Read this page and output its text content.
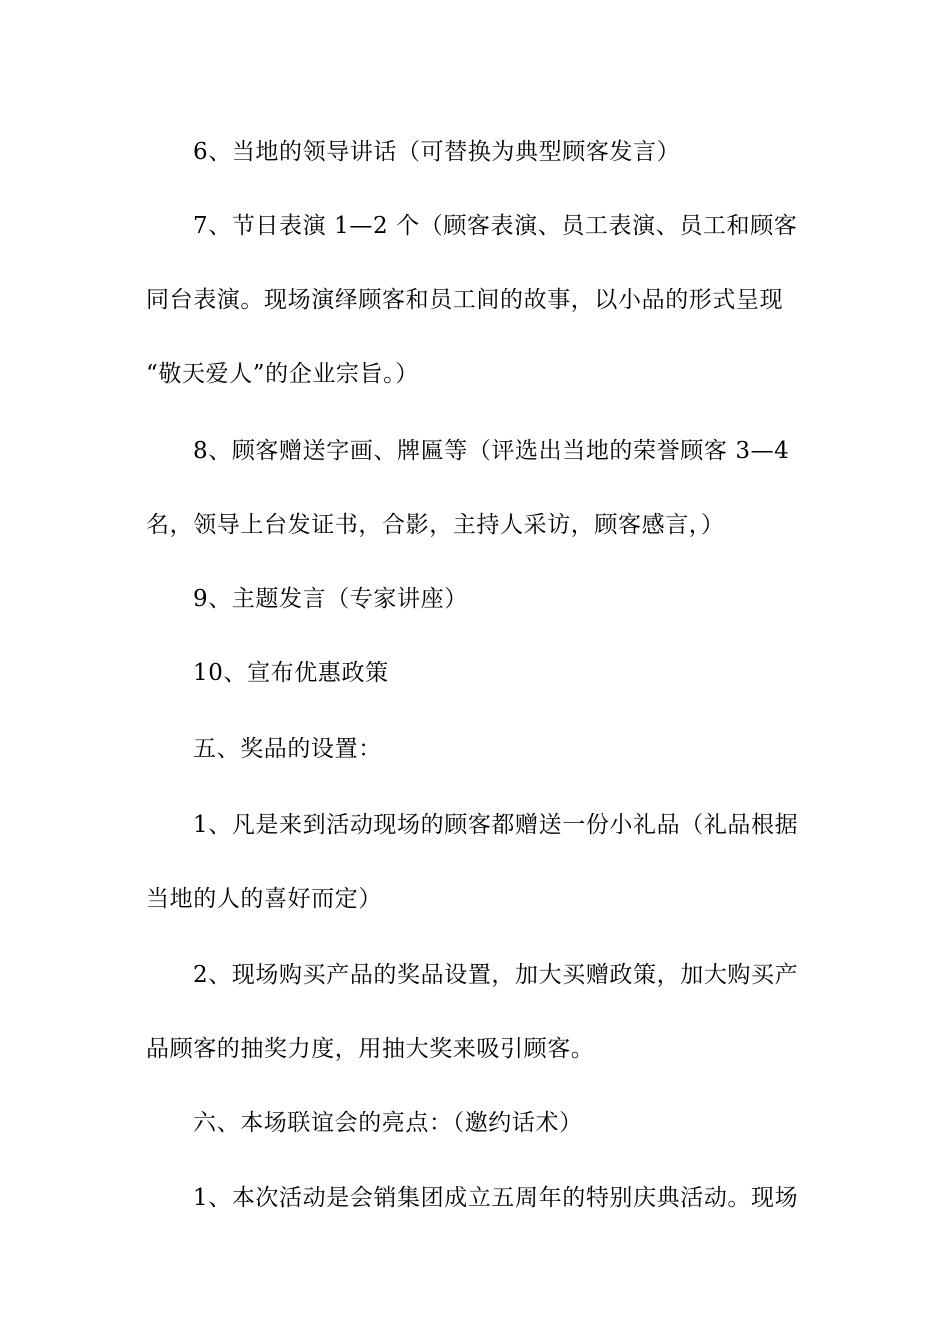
6、当地的领导讲话（可替换为典型顾客发言）
7、节日表演 1—2 个（顾客表演、员工表演、员工和顾客
同台表演。现场演绎顾客和员工间的故事，以小品的形式呈现
“敬天爱人”的企业宗旨。）
8、顾客赠送字画、牌匾等（评选出当地的荣誉顾客 3—4
名，领导上台发证书，合影，主持人采访，顾客感言，）
9、主题发言（专家讲座）
10、宣布优惠政策
五、奖品的设置：
1、凡是来到活动现场的顾客都赠送一份小礼品（礼品根据
当地的人的喜好而定）
2、现场购买产品的奖品设置，加大买赠政策，加大购买产
品顾客的抽奖力度，用抽大奖来吸引顾客。
六、本场联谊会的亮点：（邀约话术）
1、本次活动是会销集团成立五周年的特别庆典活动。现场
